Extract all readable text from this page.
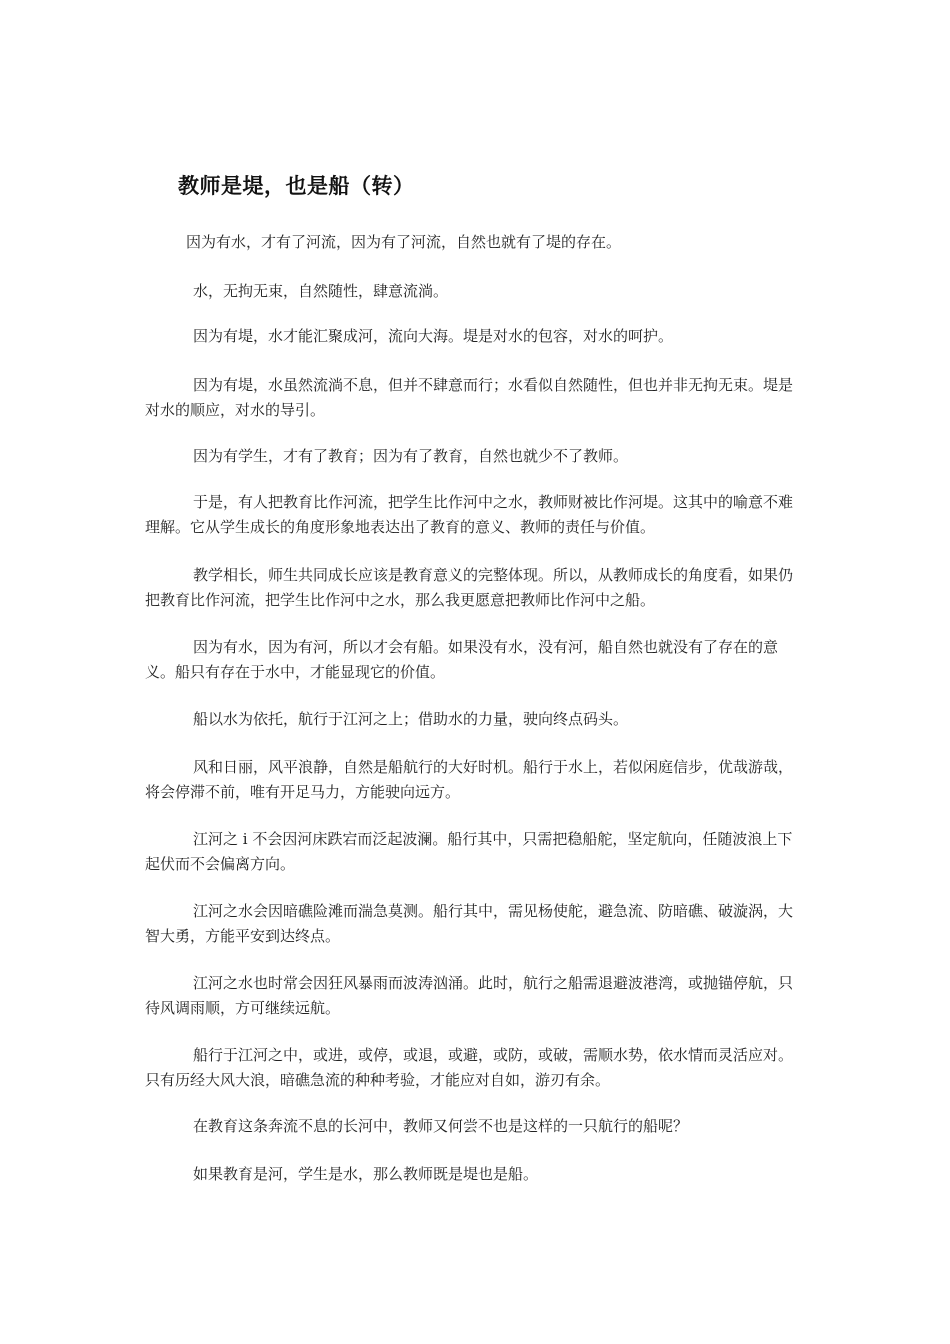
教师是堤，也是船（转）

因为有水，才有了河流，因为有了河流，自然也就有了堤的存在。

水，无拘无束，自然随性，肆意流淌。

因为有堤，水才能汇聚成河，流向大海。堤是对水的包容，对水的呵护。

因为有堤，水虽然流淌不息，但并不肆意而行；水看似自然随性，但也并非无拘无束。堤是对水的顺应，对水的导引。

因为有学生，才有了教育；因为有了教育，自然也就少不了教师。

于是，有人把教育比作河流，把学生比作河中之水，教师财被比作河堤。这其中的喻意不难理解。它从学生成长的角度形象地表达出了教育的意义、教师的责任与价值。

教学相长，师生共同成长应该是教育意义的完整体现。所以，从教师成长的角度看，如果仍把教育比作河流，把学生比作河中之水，那么我更愿意把教师比作河中之船。

因为有水，因为有河，所以才会有船。如果没有水，没有河，船自然也就没有了存在的意义。船只有存在于水中，才能显现它的价值。

船以水为依托，航行于江河之上；借助水的力量，驶向终点码头。

风和日丽，风平浪静，自然是船航行的大好时机。船行于水上，若似闲庭信步，优哉游哉，将会停滞不前，唯有开足马力，方能驶向远方。

江河之 i 不会因河床跌宕而泛起波澜。船行其中，只需把稳船舵，坚定航向，任随波浪上下起伏而不会偏离方向。

江河之水会因暗礁险滩而湍急莫测。船行其中，需见杨使舵，避急流、防暗礁、破漩涡，大智大勇，方能平安到达终点。

江河之水也时常会因狂风暴雨而波涛汹涌。此时，航行之船需退避波港湾，或抛锚停航，只待风调雨顺，方可继续远航。

船行于江河之中，或进，或停，或退，或避，或防，或破，需顺水势，依水情而灵活应对。只有历经大风大浪，暗礁急流的种种考验，才能应对自如，游刃有余。

在教育这条奔流不息的长河中，教师又何尝不也是这样的一只航行的船呢？

如果教育是河，学生是水，那么教师既是堤也是船。
